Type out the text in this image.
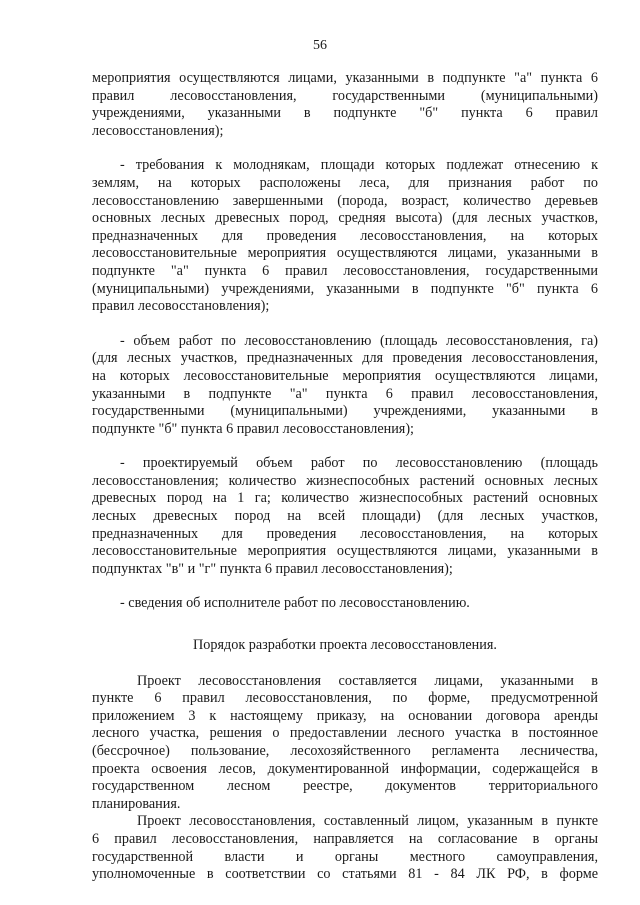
56
мероприятия осуществляются лицами, указанными в подпункте "а" пункта 6
правил лесовосстановления, государственными (муниципальными)
учреждениями, указанными в подпункте "б" пункта 6 правил
лесовосстановления);
- требования к молоднякам, площади которых подлежат отнесению к
землям, на которых расположены леса, для признания работ по
лесовосстановлению завершенными (порода, возраст, количество деревьев
основных лесных древесных пород, средняя высота) (для лесных участков,
предназначенных для проведения лесовосстановления, на которых
лесовосстановительные мероприятия осуществляются лицами, указанными в
подпункте "а" пункта 6 правил лесовосстановления, государственными
(муниципальными) учреждениями, указанными в подпункте "б" пункта 6
правил лесовосстановления);
- объем работ по лесовосстановлению (площадь лесовосстановления, га)
(для лесных участков, предназначенных для проведения лесовосстановления,
на которых лесовосстановительные мероприятия осуществляются лицами,
указанными в подпункте "а" пункта 6 правил лесовосстановления,
государственными (муниципальными) учреждениями, указанными в
подпункте "б" пункта 6 правил лесовосстановления);
- проектируемый объем работ по лесовосстановлению (площадь
лесовосстановления; количество жизнеспособных растений основных лесных
древесных пород на 1 га; количество жизнеспособных растений основных
лесных древесных пород на всей площади) (для лесных участков,
предназначенных для проведения лесовосстановления, на которых
лесовосстановительные мероприятия осуществляются лицами, указанными в
подпунктах "в" и "г" пункта 6 правил лесовосстановления);
- сведения об исполнителе работ по лесовосстановлению.
Порядок разработки проекта лесовосстановления.
Проект лесовосстановления составляется лицами, указанными в
пункте 6 правил лесовосстановления, по форме, предусмотренной
приложением 3 к настоящему приказу, на основании договора аренды
лесного участка, решения о предоставлении лесного участка в постоянное
(бессрочное) пользование, лесохозяйственного регламента лесничества,
проекта освоения лесов, документированной информации, содержащейся в
государственном лесном реестре, документов территориального
планирования.
Проект лесовосстановления, составленный лицом, указанным в пункте
6 правил лесовосстановления, направляется на согласование в органы
государственной власти и органы местного самоуправления,
уполномоченные в соответствии со статьями 81 - 84 ЛК РФ, в форме
